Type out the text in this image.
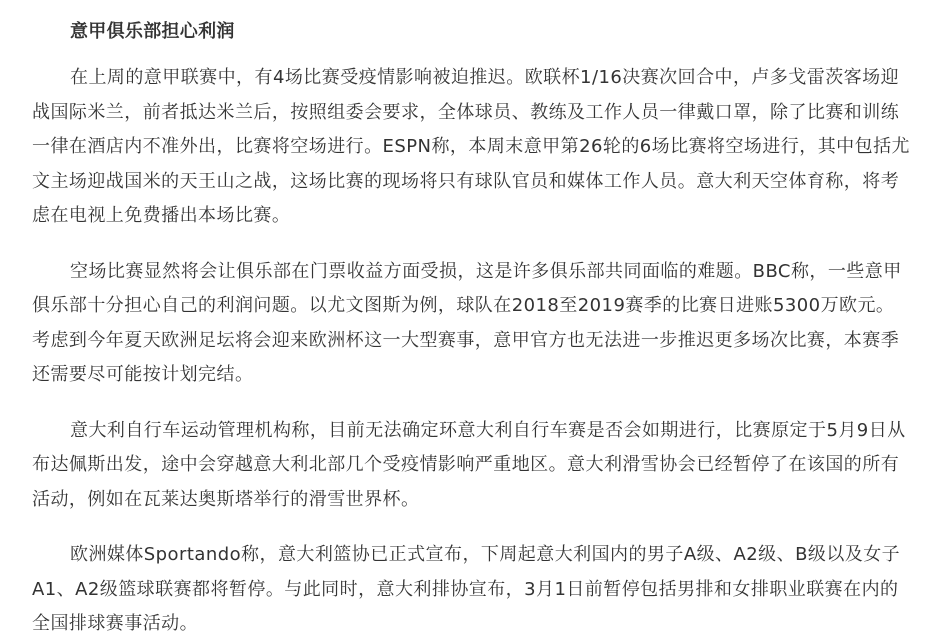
意甲俱乐部担心利润

在上周的意甲联赛中，有4场比赛受疫情影响被迫推迟。欧联杯1/16决赛次回合中，卢多戈雷茨客场迎战国际米兰，前者抵达米兰后，按照组委会要求，全体球员、教练及工作人员一律戴口罩，除了比赛和训练一律在酒店内不准外出，比赛将空场进行。ESPN称，本周末意甲第26轮的6场比赛将空场进行，其中包括尤文主场迎战国米的天王山之战，这场比赛的现场将只有球队官员和媒体工作人员。意大利天空体育称，将考虑在电视上免费播出本场比赛。

空场比赛显然将会让俱乐部在门票收益方面受损，这是许多俱乐部共同面临的难题。BBC称，一些意甲俱乐部十分担心自己的利润问题。以尤文图斯为例，球队在2018至2019赛季的比赛日进账5300万欧元。考虑到今年夏天欧洲足坛将会迎来欧洲杯这一大型赛事，意甲官方也无法进一步推迟更多场次比赛，本赛季还需要尽可能按计划完结。

意大利自行车运动管理机构称，目前无法确定环意大利自行车赛是否会如期进行，比赛原定于5月9日从布达佩斯出发，途中会穿越意大利北部几个受疫情影响严重地区。意大利滑雪协会已经暂停了在该国的所有活动，例如在瓦莱达奥斯塔举行的滑雪世界杯。

欧洲媒体Sportando称，意大利篮协已正式宣布，下周起意大利国内的男子A级、A2级、B级以及女子A1、A2级篮球联赛都将暂停。与此同时，意大利排协宣布，3月1日前暂停包括男排和女排职业联赛在内的全国排球赛事活动。
